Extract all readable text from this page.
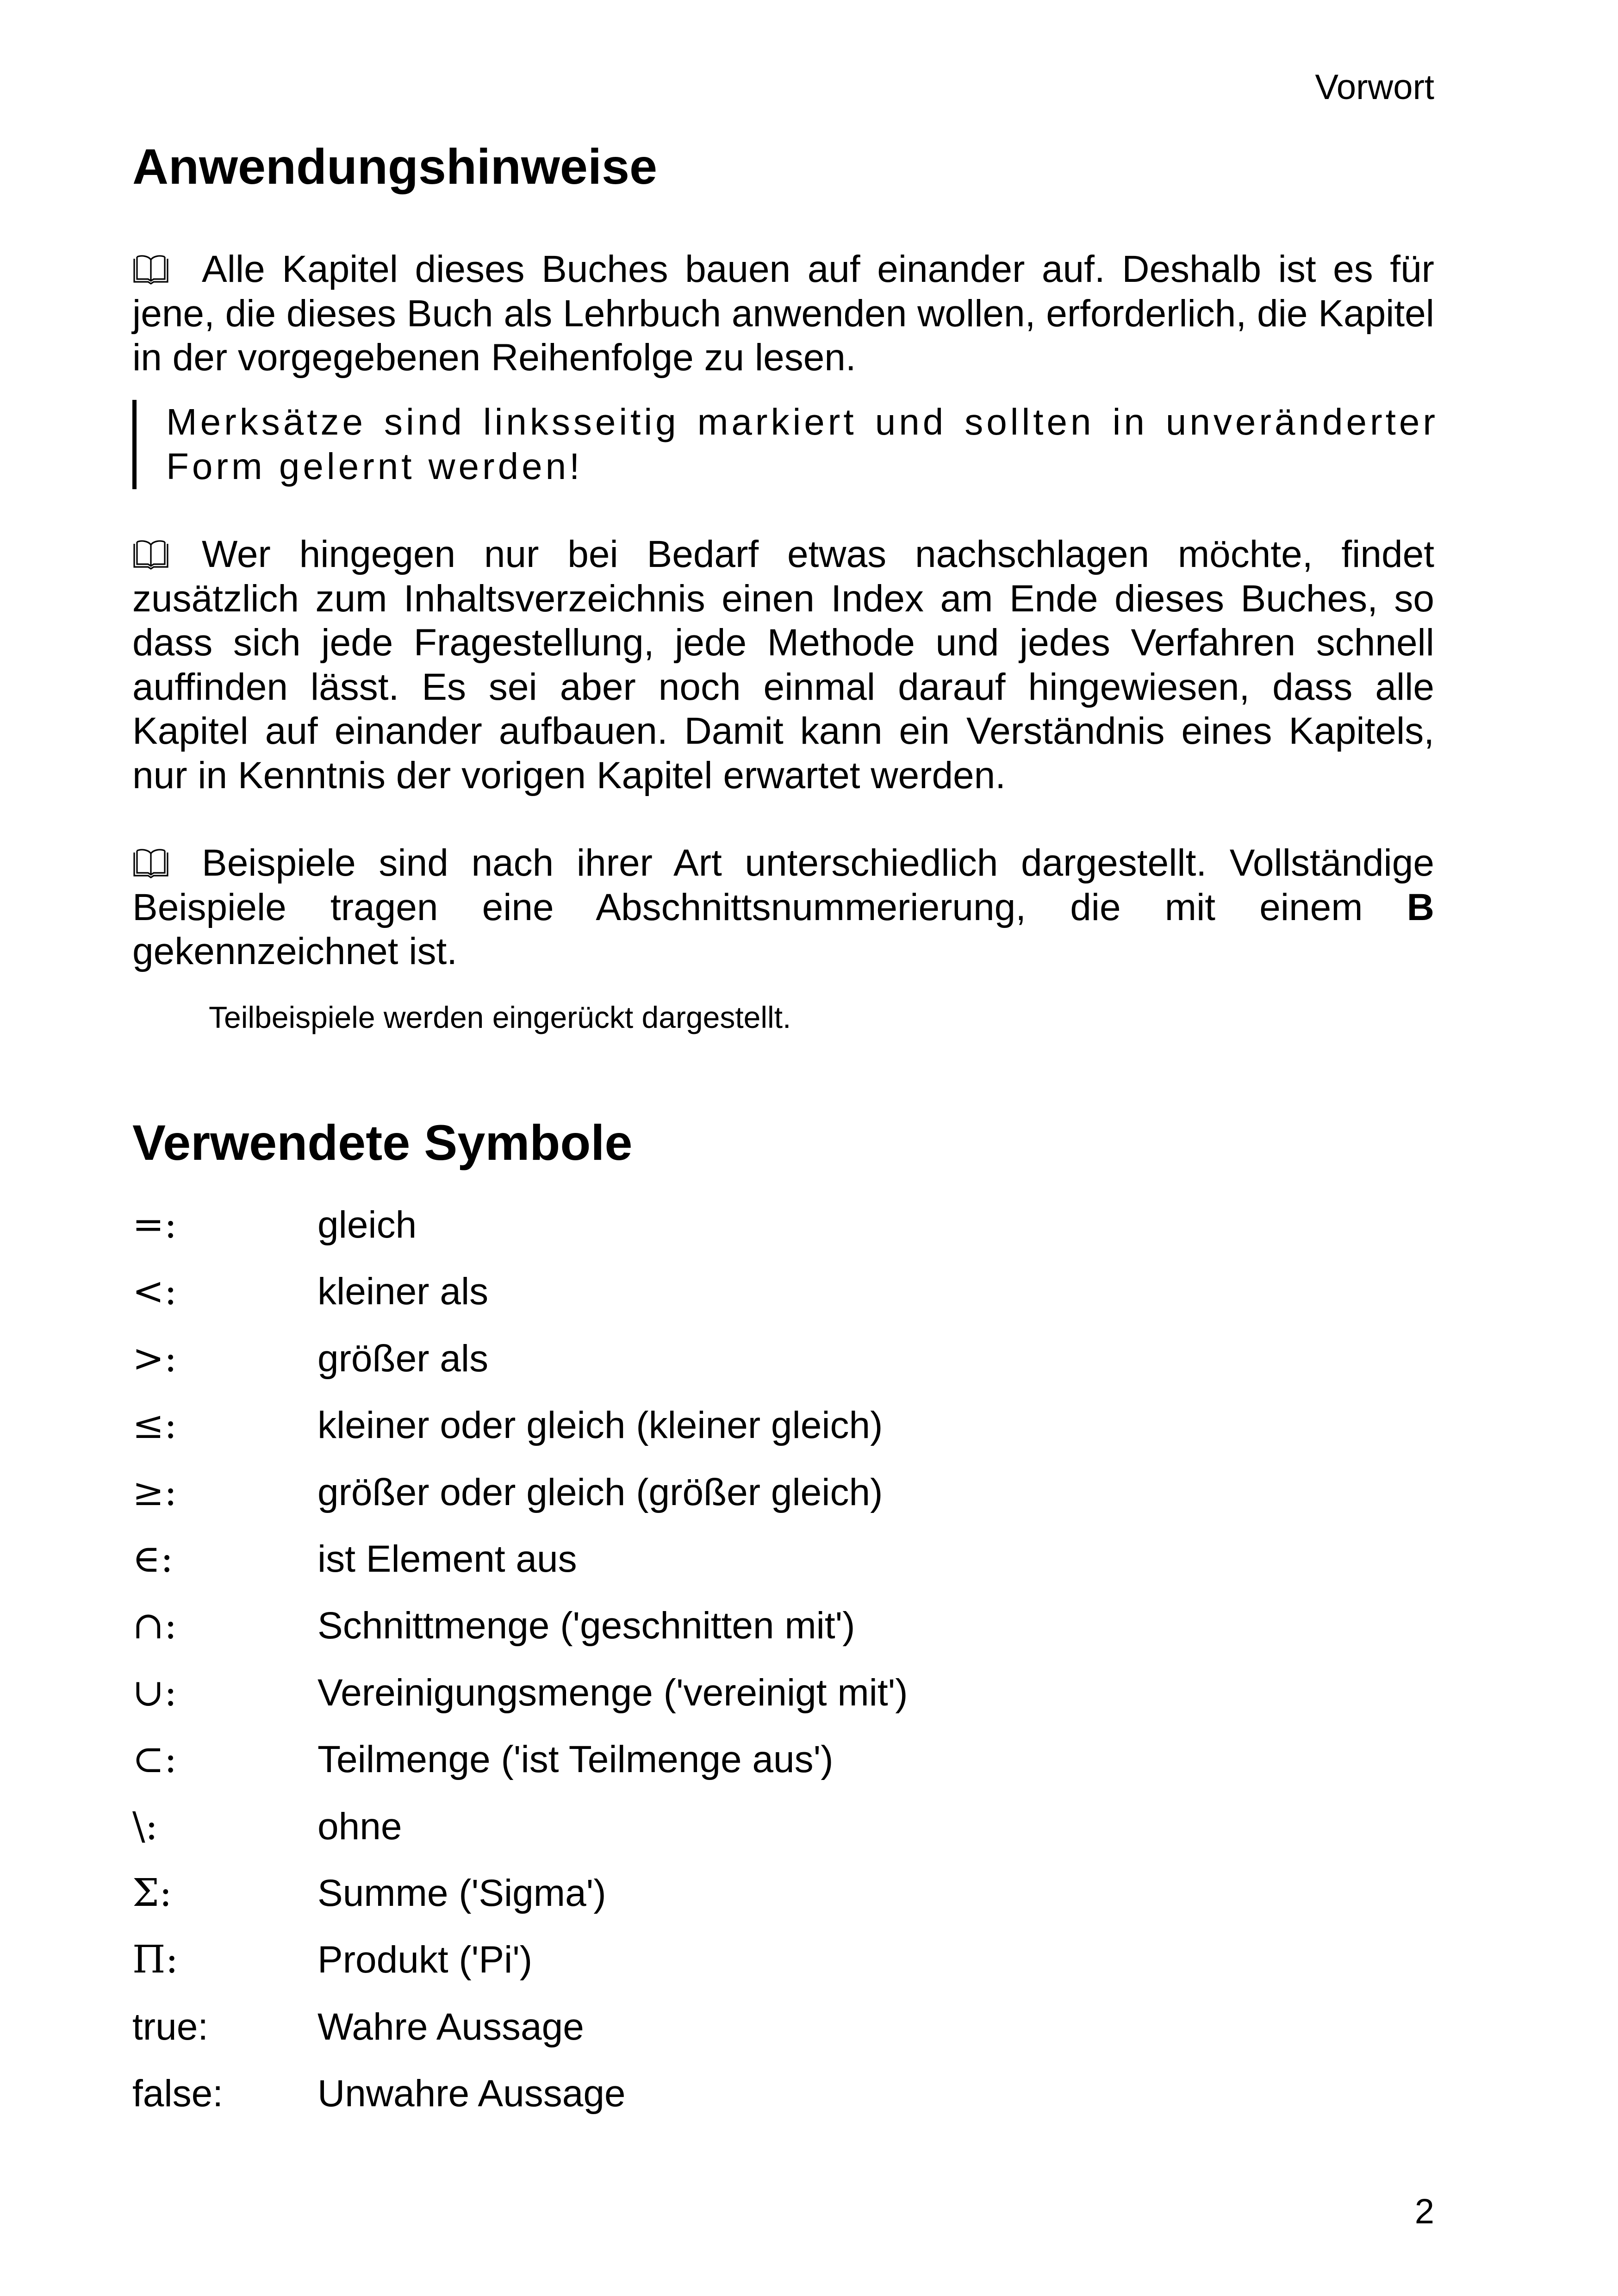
Vorwort
Anwendungshinweise
Alle Kapitel dieses Buches bauen auf einander auf. Deshalb ist es für jene, die dieses Buch als Lehrbuch anwenden wollen, erforderlich, die Kapitel in der vorgegebenen Reihenfolge zu lesen.

Merksätze sind linksseitig markiert und sollten in unveränderter Form gelernt werden!

Wer hingegen nur bei Bedarf etwas nachschlagen möchte, findet zusätzlich zum Inhaltsverzeichnis einen Index am Ende dieses Buches, so dass sich jede Fragestellung, jede Methode und jedes Verfahren schnell auffinden lässt. Es sei aber noch einmal darauf hingewiesen, dass alle Kapitel auf einander aufbauen. Damit kann ein Verständnis eines Kapitels, nur in Kenntnis der vorigen Kapitel erwartet werden.
Beispiele sind nach ihrer Art unterschiedlich dargestellt. Vollständige Beispiele tragen eine Abschnittsnummerierung, die mit einem B gekennzeichnet ist.
Teilbeispiele werden eingerückt dargestellt.
Verwendete Symbole
=:	gleich
<:	kleiner als
>:	größer als
≤:	kleiner oder gleich (kleiner gleich)
≥:	größer oder gleich (größer gleich)
∈:	ist Element aus
∩:	Schnittmenge ('geschnitten mit')
∪:	Vereinigungsmenge ('vereinigt mit')
⊂:	Teilmenge ('ist Teilmenge aus')
\:	ohne
Σ:	Summe ('Sigma')
Π:	Produkt ('Pi')
true:	Wahre Aussage
false: Unwahre Aussage
2
